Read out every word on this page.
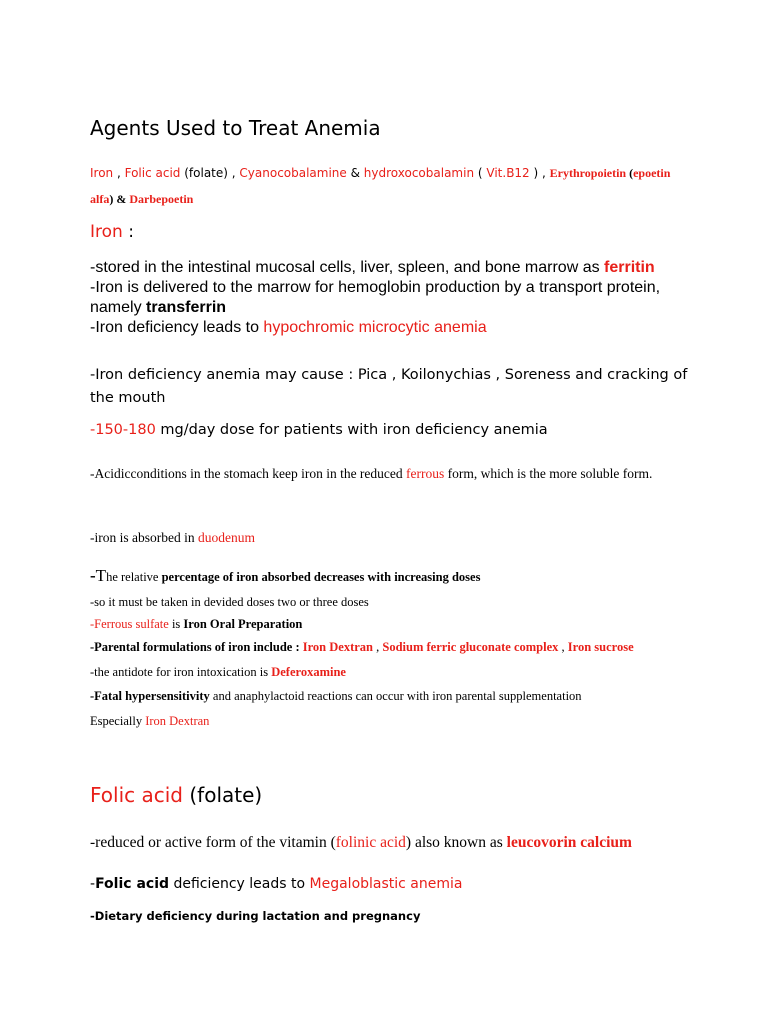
Agents Used to Treat Anemia
Iron , Folic acid (folate) , Cyanocobalamine & hydroxocobalamin ( Vit.B12 ) , Erythropoietin (epoetin alfa) & Darbepoetin
Iron :
-stored in the intestinal mucosal cells, liver, spleen, and bone marrow as ferritin
-Iron is delivered to the marrow for hemoglobin production by a transport protein, namely transferrin
-Iron deficiency leads to hypochromic microcytic anemia
-Iron deficiency anemia may cause : Pica , Koilonychias , Soreness and cracking of the mouth
-150-180 mg/day dose for patients with iron deficiency anemia
-Acidicconditions in the stomach keep iron in the reduced ferrous form, which is the more soluble form.
-iron is absorbed in duodenum
-The relative percentage of iron absorbed decreases with increasing doses
-so it must be taken in devided doses two or three doses
-Ferrous sulfate is Iron Oral Preparation
-Parental formulations of iron include : Iron Dextran , Sodium ferric gluconate complex , Iron sucrose
-the antidote for iron intoxication is Deferoxamine
-Fatal hypersensitivity and anaphylactoid reactions can occur with iron parental supplementation
Especially Iron Dextran
Folic acid (folate)
-reduced or active form of the vitamin (folinic acid) also known as leucovorin calcium
-Folic acid deficiency leads to Megaloblastic anemia
-Dietary deficiency during lactation and pregnancy
